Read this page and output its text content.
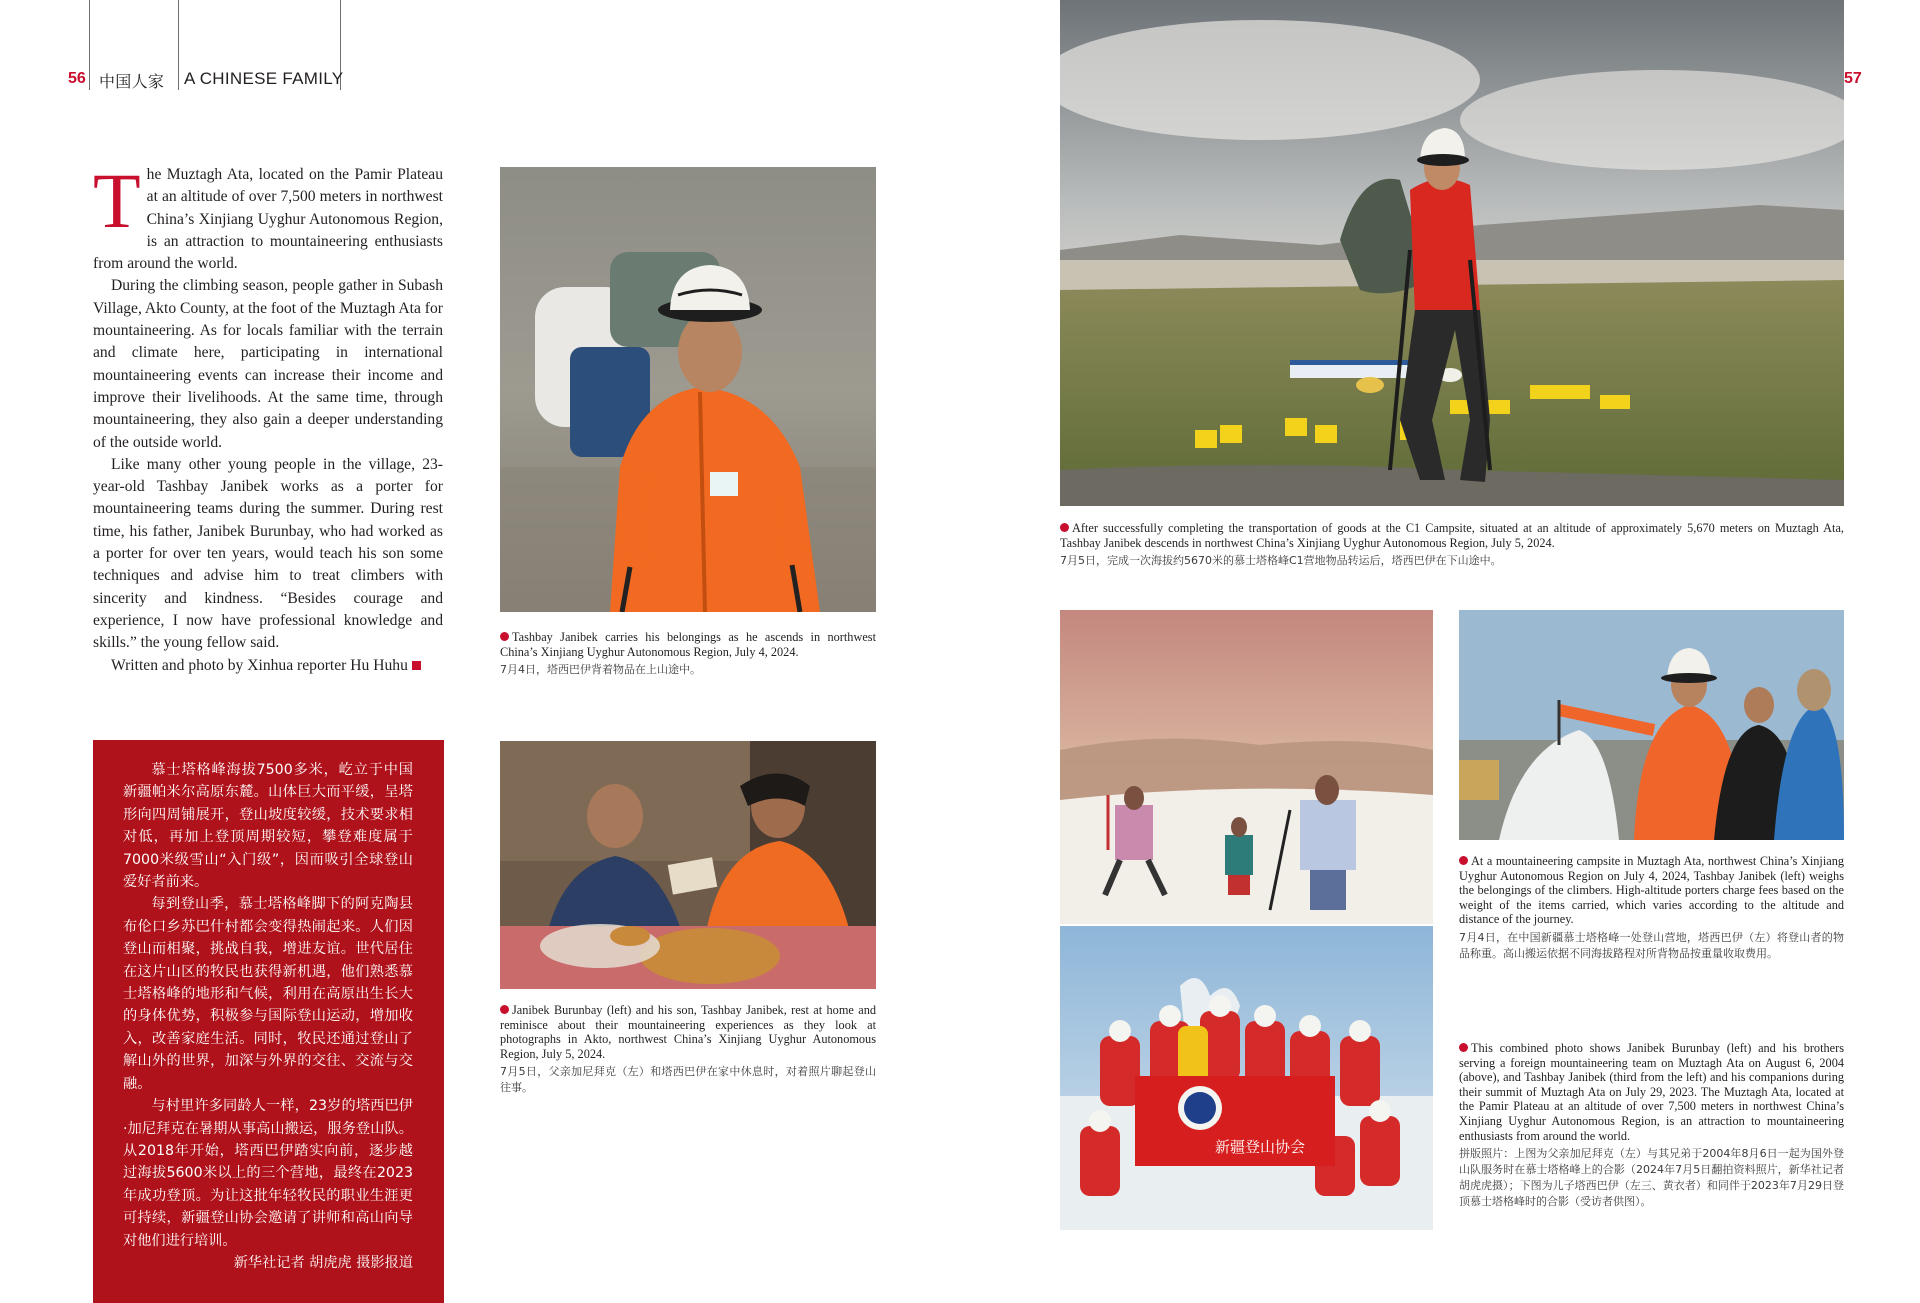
56 中国人家 A CHINESE FAMILY	57

The Muztagh Ata, located on the Pamir Plateau at an altitude of over 7,500 meters in northwest China’s Xinjiang Uyghur Autonomous Region, is an attraction to mountaineering enthusiasts from around the world.

During the climbing season, people gather in Subash Village, Akto County, at the foot of the Muztagh Ata for mountaineering. As for locals familiar with the terrain and climate here, participating in international mountaineering events can increase their income and improve their livelihoods. At the same time, through mountaineering, they also gain a deeper understanding of the outside world.

Like many other young people in the village, 23-year-old Tashbay Janibek works as a porter for mountaineering teams during the summer. During rest time, his father, Janibek Burunbay, who had worked as a porter for over ten years, would teach his son some techniques and advise him to treat climbers with sincerity and kindness. “Besides courage and experience, I now have professional knowledge and skills.” the young fellow said.

Written and photo by Xinhua reporter Hu Huhu

慕士塔格峰海拔7500多米，屹立于中国新疆帕米尔高原东麓。山体巨大而平缓，呈塔形向四周铺展开，登山坡度较缓，技术要求相对低，再加上登顶周期较短，攀登难度属于7000米级雪山“入门级”，因而吸引全球登山爱好者前来。

每到登山季，慕士塔格峰脚下的阿克陶县布伦口乡苏巴什村都会变得热闹起来。人们因登山而相聚，挑战自我，增进友谊。世代居住在这片山区的牧民也获得新机遇，他们熟悉慕士塔格峰的地形和气候，利用在高原出生长大的身体优势，积极参与国际登山运动，增加收入，改善家庭生活。同时，牧民还通过登山了解山外的世界，加深与外界的交往、交流与交融。

与村里许多同龄人一样，23岁的塔西巴伊·加尼拜克在暑期从事高山搬运，服务登山队。从2018年开始，塔西巴伊踏实向前，逐步越过海拔5600米以上的三个营地，最终在2023年成功登顶。为让这批年轻牧民的职业生涯更可持续，新疆登山协会邀请了讲师和高山向导对他们进行培训。

新华社记者 胡虎虎 摄影报道

Tashbay Janibek carries his belongings as he ascends in northwest China’s Xinjiang Uyghur Autonomous Region, July 4, 2024.
7月4日，塔西巴伊背着物品在上山途中。
Janibek Burunbay (left) and his son, Tashbay Janibek, rest at home and reminisce about their mountaineering experiences as they look at photographs in Akto, northwest China’s Xinjiang Uyghur Autonomous Region, July 5, 2024.
7月5日，父亲加尼拜克（左）和塔西巴伊在家中休息时，对着照片聊起登山往事。
After successfully completing the transportation of goods at the C1 Campsite, situated at an altitude of approximately 5,670 meters on Muztagh Ata, Tashbay Janibek descends in northwest China’s Xinjiang Uyghur Autonomous Region, July 5, 2024.
7月5日，完成一次海拔约5670米的慕士塔格峰C1营地物品转运后，塔西巴伊在下山途中。
新疆登山协会
At a mountaineering campsite in Muztagh Ata, northwest China’s Xinjiang Uyghur Autonomous Region on July 4, 2024, Tashbay Janibek (left) weighs the belongings of the climbers. High-altitude porters charge fees based on the weight of the items carried, which varies according to the altitude and distance of the journey.
7月4日，在中国新疆慕士塔格峰一处登山营地，塔西巴伊（左）将登山者的物品称重。高山搬运依据不同海拔路程对所背物品按重量收取费用。
This combined photo shows Janibek Burunbay (left) and his brothers serving a foreign mountaineering team on Muztagh Ata on August 6, 2004 (above), and Tashbay Janibek (third from the left) and his companions during their summit of Muztagh Ata on July 29, 2023. The Muztagh Ata, located at the Pamir Plateau at an altitude of over 7,500 meters in northwest China’s Xinjiang Uyghur Autonomous Region, is an attraction to mountaineering enthusiasts from around the world.
拼版照片：上图为父亲加尼拜克（左）与其兄弟于2004年8月6日一起为国外登山队服务时在慕士塔格峰上的合影（2024年7月5日翻拍资料照片，新华社记者胡虎虎摄）；下图为儿子塔西巴伊（左三、黄衣者）和同伴于2023年7月29日登顶慕士塔格峰时的合影（受访者供图）。
